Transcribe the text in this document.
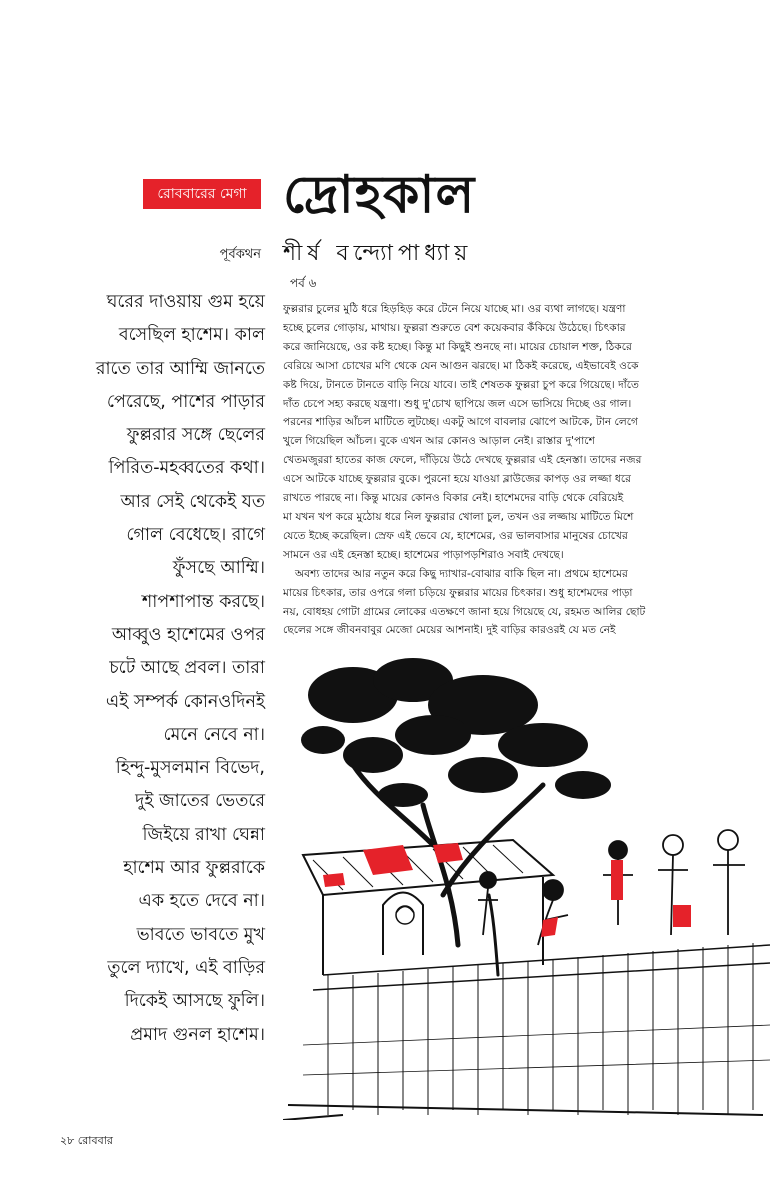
রোববারের মেগা দ্রোহকাল
পূর্বকথন শীর্ষ বন্দ্যোপাধ্যায়
পর্ব ৬
ঘরের দাওয়ায় গুম হয়ে
বসেছিল হাশেম। কাল
রাতে তার আম্মি জানতে
পেরেছে, পাশের পাড়ার
ফুল্লরার সঙ্গে ছেলের
পিরিত-মহব্বতের কথা।
আর সেই থেকেই যত
গোল বেধেছে। রাগে
ফুঁসছে আম্মি।
শাপশাপান্ত করছে।
আব্বুও হাশেমের ওপর
চটে আছে প্রবল। তারা
এই সম্পর্ক কোনওদিনই
মেনে নেবে না।
হিন্দু-মুসলমান বিভেদ,
দুই জাতের ভেতরে
জিইয়ে রাখা ঘেন্না
হাশেম আর ফুল্লরাকে
এক হতে দেবে না।
ভাবতে ভাবতে মুখ
তুলে দ্যাখে, এই বাড়ির
দিকেই আসছে ফুলি।
প্রমাদ গুনল হাশেম।
ফুল্লরার চুলের মুঠি ধরে হিড়হিড় করে টেনে নিয়ে যাচ্ছে মা। ওর ব্যথা লাগছে। যন্ত্রণা
হচ্ছে চুলের গোড়ায়, মাথায়। ফুল্লরা শুরুতে বেশ কয়েকবার কঁকিয়ে উঠেছে। চিৎকার
করে জানিয়েছে, ওর কষ্ট হচ্ছে। কিন্তু মা কিছুই শুনছে না। মায়ের চোয়াল শক্ত, ঠিকরে
বেরিয়ে আসা চোখের মণি থেকে যেন আগুন ঝরছে। মা ঠিকই করেছে, এইভাবেই ওকে
কষ্ট দিয়ে, টানতে টানতে বাড়ি নিয়ে যাবে। তাই শেষতক ফুল্লরা চুপ করে গিয়েছে। দাঁতে
দাঁত চেপে সহ্য করছে যন্ত্রণা। শুধু দু'চোখ ছাপিয়ে জল এসে ভাসিয়ে দিচ্ছে ওর গাল।
পরনের শাড়ির আঁচল মাটিতে লুটচ্ছে। একটু আগে বাবলার ঝোপে আটকে, টান লেগে
খুলে গিয়েছিল আঁচল। বুকে এখন আর কোনও আড়াল নেই। রাস্তার দু'পাশে
খেতমজুররা হাতের কাজ ফেলে, দাঁড়িয়ে উঠে দেখছে ফুল্লরার এই হেনস্তা। তাদের নজর
এসে আটকে যাচ্ছে ফুল্লরার বুকে। পুরনো হয়ে যাওয়া ব্লাউজের কাপড় ওর লজ্জা ধরে
রাখতে পারছে না। কিন্তু মায়ের কোনও বিকার নেই। হাশেমদের বাড়ি থেকে বেরিয়েই
মা যখন খপ করে মুঠোয় ধরে নিল ফুল্লরার খোলা চুল, তখন ওর লজ্জায় মাটিতে মিশে
যেতে ইচ্ছে করেছিল। স্রেফ এই ভেবে যে, হাশেমের, ওর ভালবাসার মানুষের চোখের
সামনে ওর এই হেনস্তা হচ্ছে। হাশেমের পাড়াপড়শিরাও সবাই দেখছে।
অবশ্য তাদের আর নতুন করে কিছু দ্যাখার-বোঝার বাকি ছিল না। প্রথমে হাশেমের
মায়ের চিৎকার, তার ওপরে গলা চড়িয়ে ফুল্লরার মায়ের চিৎকার। শুধু হাশেমদের পাড়া
নয়, বোধহয় গোটা গ্রামের লোকের এতক্ষণে জানা হয়ে গিয়েছে যে, রহমত আলির ছোট
ছেলের সঙ্গে জীবনবাবুর মেজো মেয়ের আশনাই। দুই বাড়ির কারওরই যে মত নেই
২৮ রোববার
